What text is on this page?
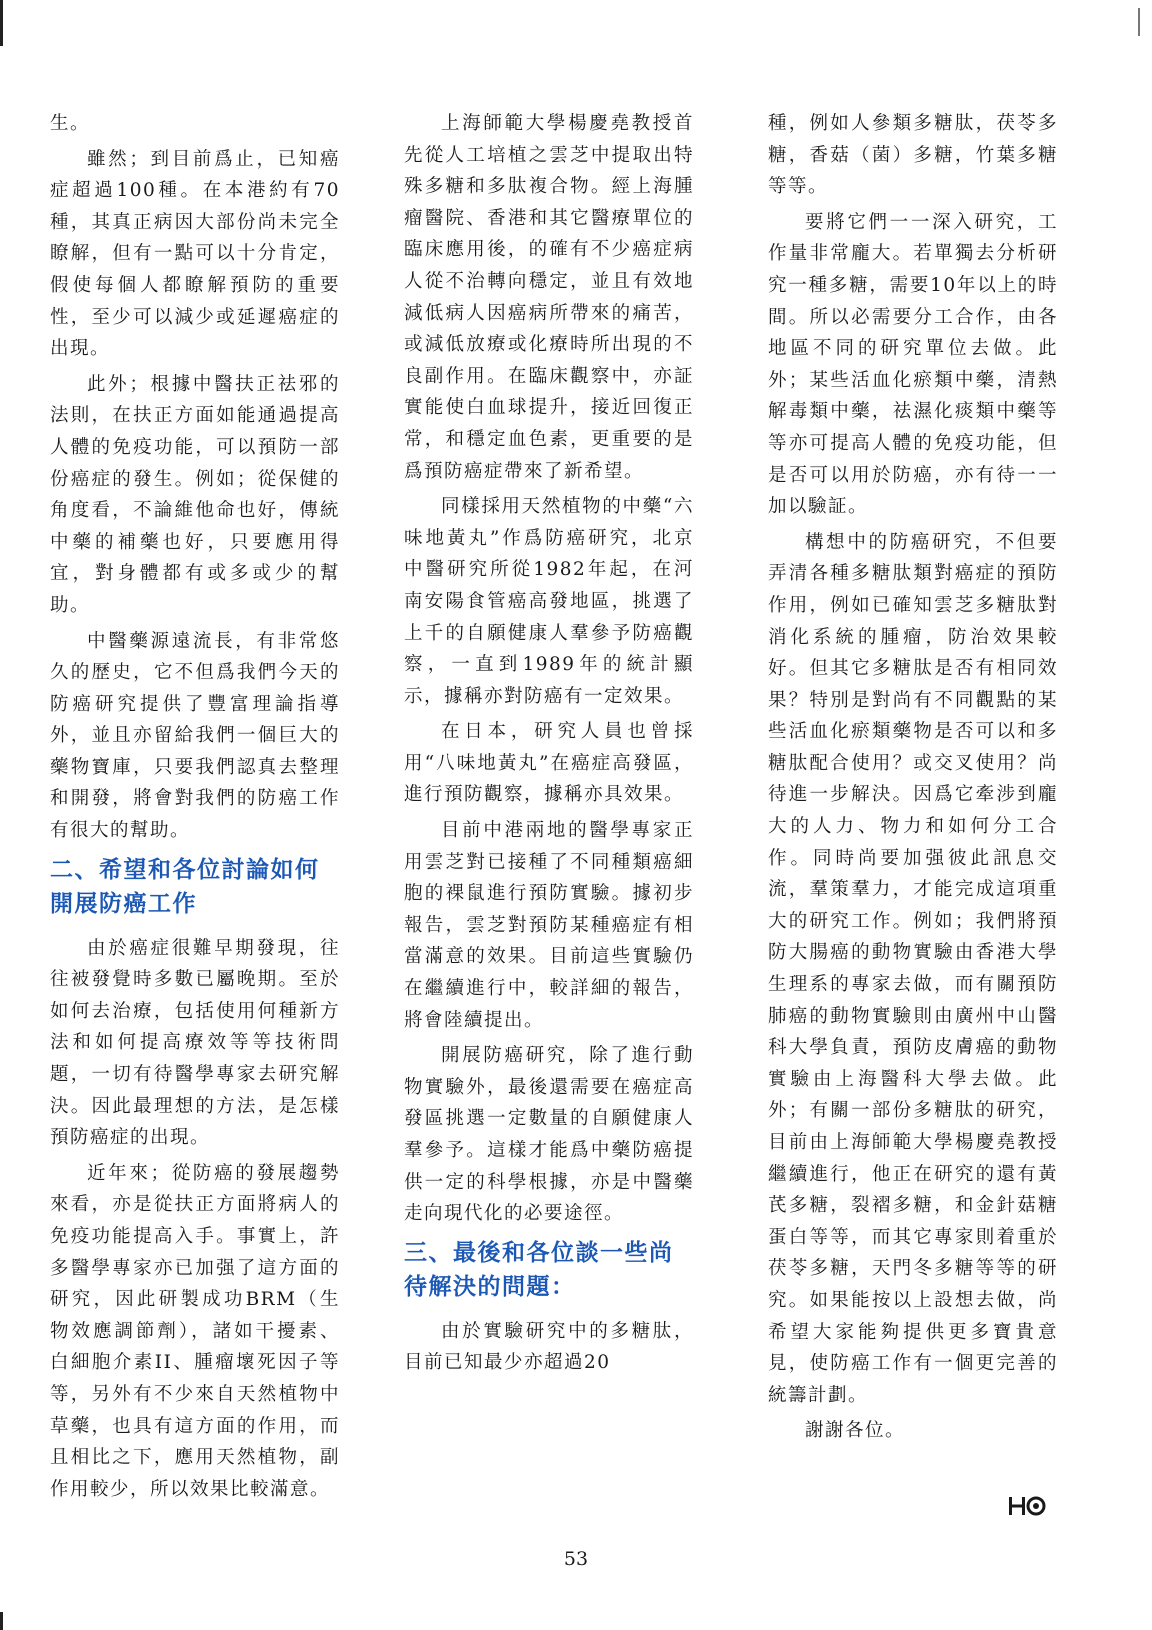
生。

雖然；到目前爲止，已知癌症超過100種。在本港約有70種，其真正病因大部份尚未完全瞭解，但有一點可以十分肯定，假使每個人都瞭解預防的重要性，至少可以減少或延遲癌症的出現。

此外；根據中醫扶正祛邪的法則，在扶正方面如能通過提高人體的免疫功能，可以預防一部份癌症的發生。例如；從保健的角度看，不論維他命也好，傳統中藥的補藥也好，只要應用得宜，對身體都有或多或少的幫助。

中醫藥源遠流長，有非常悠久的歷史，它不但爲我們今天的防癌研究提供了豐富理論指導外，並且亦留給我們一個巨大的藥物寶庫，只要我們認真去整理和開發，將會對我們的防癌工作有很大的幫助。

二、希望和各位討論如何開展防癌工作

由於癌症很難早期發現，往往被發覺時多數已屬晚期。至於如何去治療，包括使用何種新方法和如何提高療效等等技術問題，一切有待醫學專家去研究解決。因此最理想的方法，是怎樣預防癌症的出現。

近年來；從防癌的發展趨勢來看，亦是從扶正方面將病人的免疫功能提高入手。事實上，許多醫學專家亦已加强了這方面的研究，因此研製成功BRM（生物效應調節劑），諸如干擾素、白細胞介素II、腫瘤壞死因子等等，另外有不少來自天然植物中草藥，也具有這方面的作用，而且相比之下，應用天然植物，副作用較少，所以效果比較滿意。

上海師範大學楊慶堯教授首先從人工培植之雲芝中提取出特殊多糖和多肽複合物。經上海腫瘤醫院、香港和其它醫療單位的臨床應用後，的確有不少癌症病人從不治轉向穩定，並且有效地減低病人因癌病所帶來的痛苦，或減低放療或化療時所出現的不良副作用。在臨床觀察中，亦証實能使白血球提升，接近回復正常，和穩定血色素，更重要的是爲預防癌症帶來了新希望。

同樣採用天然植物的中藥“六味地黃丸”作爲防癌研究，北京中醫研究所從1982年起，在河南安陽食管癌高發地區，挑選了上千的自願健康人羣參予防癌觀察，一直到1989年的統計顯示，據稱亦對防癌有一定效果。

在日本，研究人員也曾採用“八味地黃丸”在癌症高發區，進行預防觀察，據稱亦具效果。

目前中港兩地的醫學專家正用雲芝對已接種了不同種類癌細胞的裸鼠進行預防實驗。據初步報告，雲芝對預防某種癌症有相當滿意的效果。目前這些實驗仍在繼續進行中，較詳細的報告，將會陸續提出。

開展防癌研究，除了進行動物實驗外，最後還需要在癌症高發區挑選一定數量的自願健康人羣參予。這樣才能爲中藥防癌提供一定的科學根據，亦是中醫藥走向現代化的必要途徑。

三、最後和各位談一些尚待解決的問題：

由於實驗研究中的多糖肽，目前已知最少亦超過20

種，例如人參類多糖肽，茯苓多糖，香菇（菌）多糖，竹葉多糖等等。

要將它們一一深入研究，工作量非常龐大。若單獨去分析研究一種多糖，需要10年以上的時間。所以必需要分工合作，由各地區不同的研究單位去做。此外；某些活血化瘀類中藥，清熱解毒類中藥，祛濕化痰類中藥等等亦可提高人體的免疫功能，但是否可以用於防癌，亦有待一一加以驗証。

構想中的防癌研究，不但要弄清各種多糖肽類對癌症的預防作用，例如已確知雲芝多糖肽對消化系統的腫瘤，防治效果較好。但其它多糖肽是否有相同效果？特別是對尚有不同觀點的某些活血化瘀類藥物是否可以和多糖肽配合使用？或交叉使用？尚待進一步解決。因爲它牽涉到龐大的人力、物力和如何分工合作。同時尚要加强彼此訊息交流，羣策羣力，才能完成這項重大的研究工作。例如；我們將預防大腸癌的動物實驗由香港大學生理系的專家去做，而有關預防肺癌的動物實驗則由廣州中山醫科大學負責，預防皮膚癌的動物實驗由上海醫科大學去做。此外；有關一部份多糖肽的研究，目前由上海師範大學楊慶堯教授繼續進行，他正在研究的還有黃芪多糖，裂褶多糖，和金針菇糖蛋白等等，而其它專家則着重於茯苓多糖，天門冬多糖等等的研究。如果能按以上設想去做，尚希望大家能夠提供更多寶貴意見，使防癌工作有一個更完善的統籌計劃。

謝謝各位。

53
